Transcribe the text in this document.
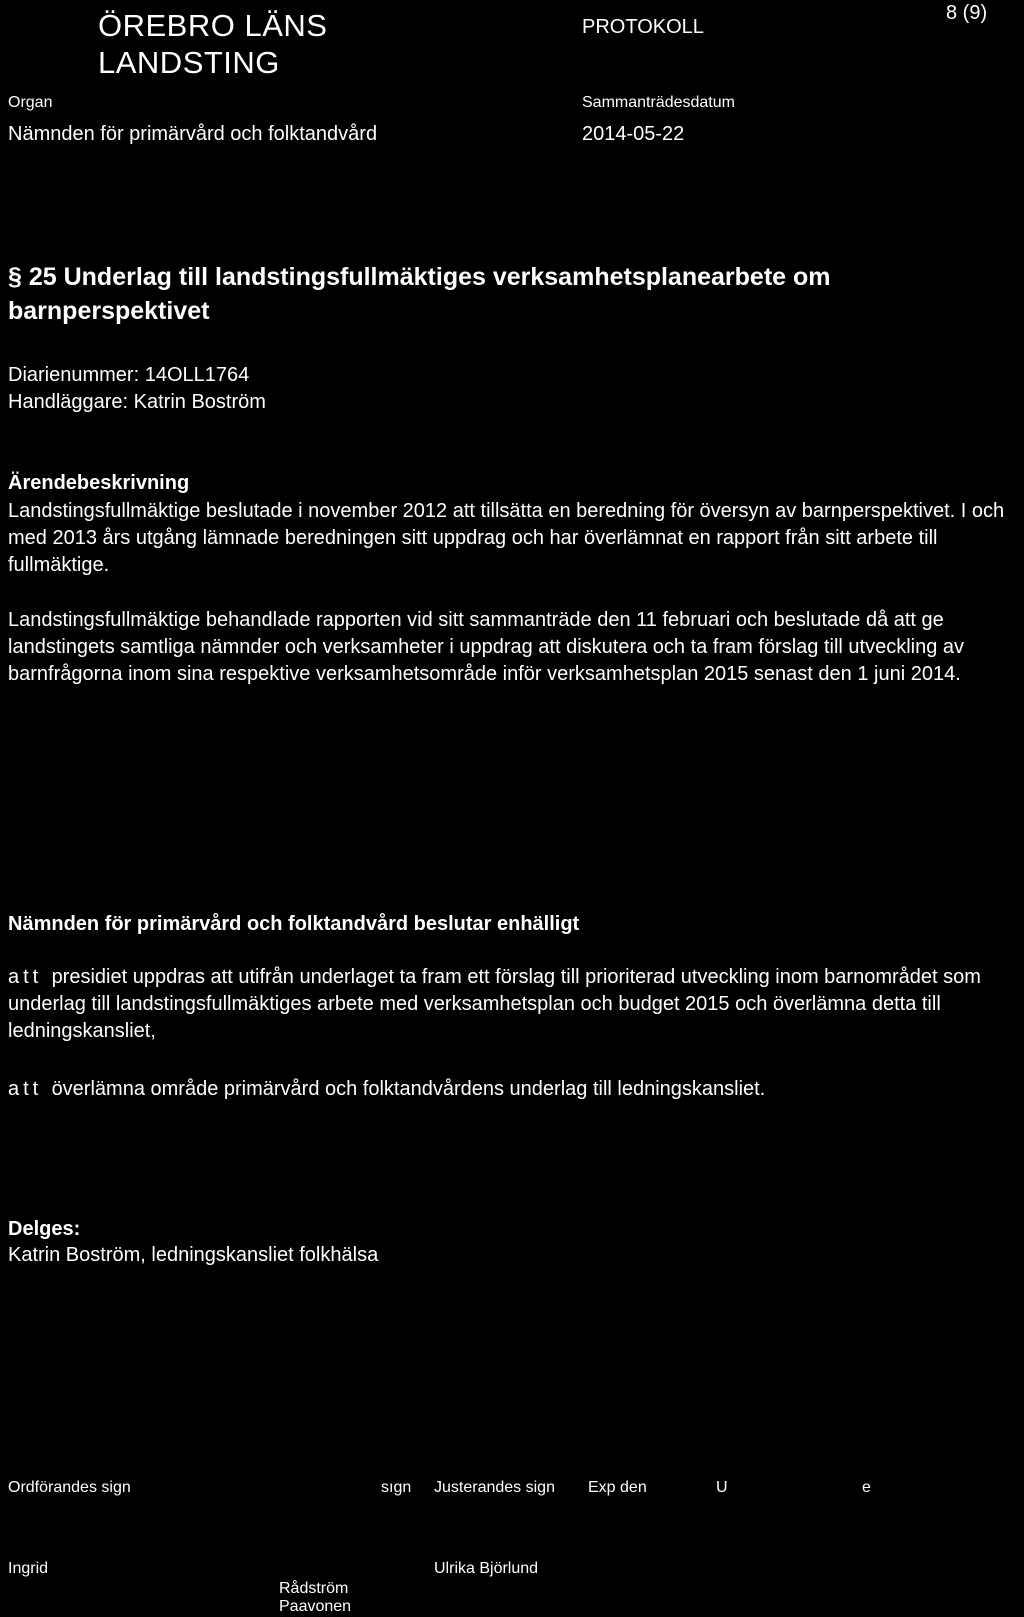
ÖREBRO LÄNS
LANDSTING
PROTOKOLL
8 (9)
Organ
Nämnden för primärvård och folktandvård
Sammanträdesdatum
2014-05-22
§ 25 Underlag till landstingsfullmäktiges verksamhetsplanearbete om barnperspektivet
Diarienummer: 14OLL1764
Handläggare: Katrin Boström
Ärendebeskrivning
Landstingsfullmäktige beslutade i november 2012 att tillsätta en beredning för översyn av barnperspektivet. I och med 2013 års utgång lämnade beredningen sitt uppdrag och har överlämnat en rapport från sitt arbete till fullmäktige.
Landstingsfullmäktige behandlade rapporten vid sitt sammanträde den 11 februari och beslutade då att ge landstingets samtliga nämnder och verksamheter i uppdrag att diskutera och ta fram förslag till utveckling av barnfrågorna inom sina respektive verksamhetsområde inför verksamhetsplan 2015 senast den 1 juni 2014.
Nämnden för primärvård och folktandvård beslutar enhälligt
att presidiet uppdras att utifrån underlaget ta fram ett förslag till prioriterad utveckling inom barnområdet som underlag till landstingsfullmäktiges arbete med verksamhetsplan och budget 2015 och överlämna detta till ledningskansliet,
att överlämna område primärvård och folktandvårdens underlag till ledningskansliet.
Delges:
Katrin Boström, ledningskansliet folkhälsa
Ordförandes sign	sıgn Justerandes sign Exp den	U	e
Ingrid
Rådström
Paavonen
Ulrika Björlund
